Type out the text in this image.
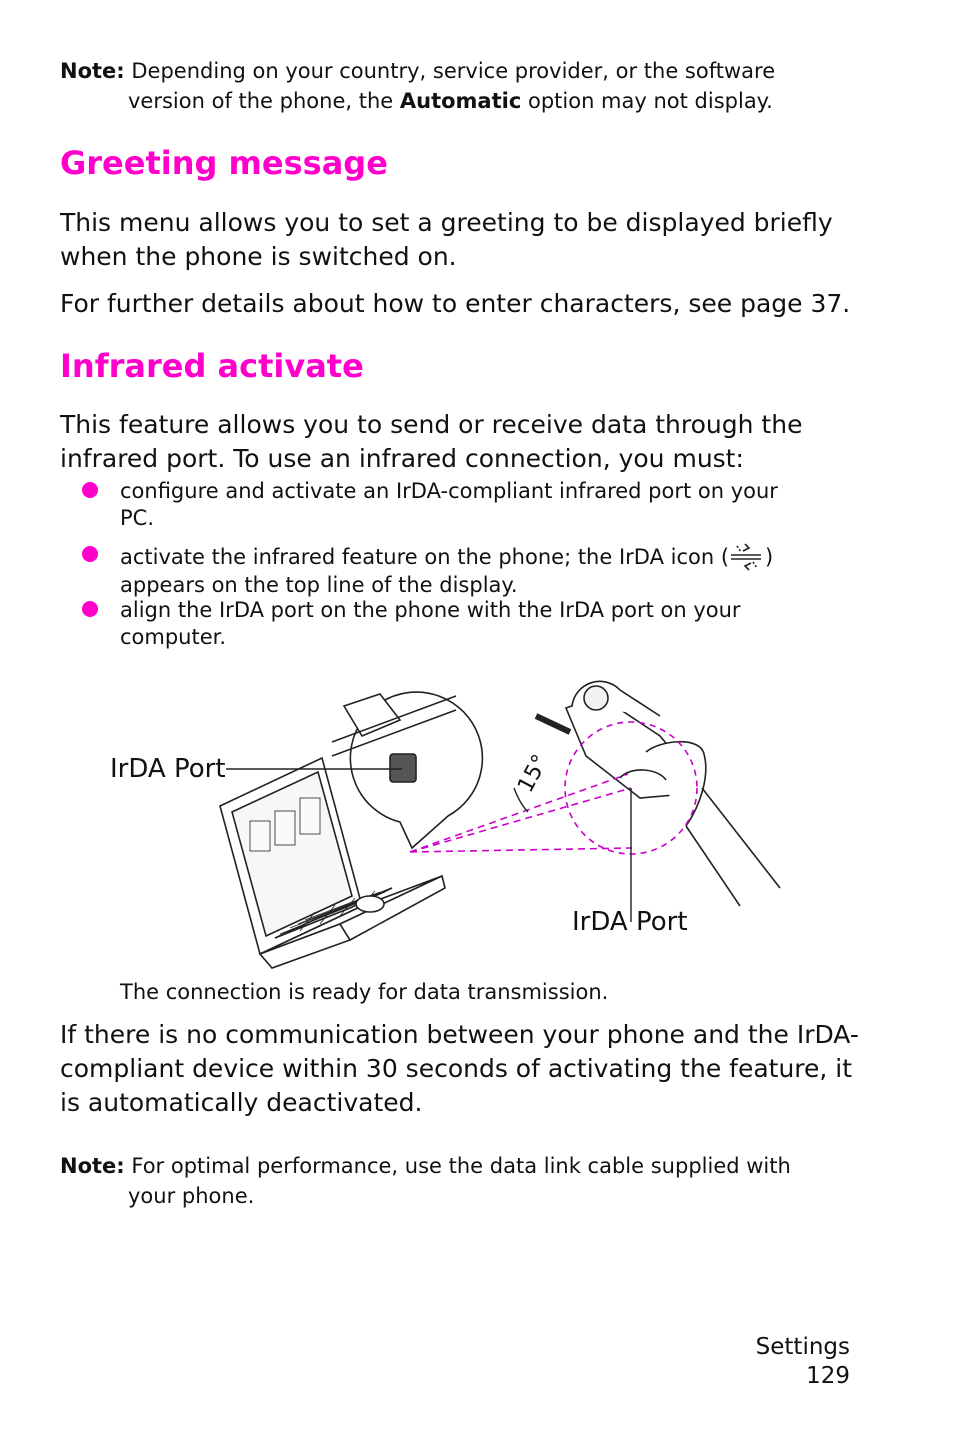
Note: Depending on your country, service provider, or the software
version of the phone, the Automatic option may not display.
Greeting message
This menu allows you to set a greeting to be displayed briefly
when the phone is switched on.
For further details about how to enter characters, see page 37.
Infrared activate
This feature allows you to send or receive data through the
infrared port. To use an infrared connection, you must:
configure and activate an IrDA-compliant infrared port on your
PC.
activate the infrared feature on the phone; the IrDA icon ( )
appears on the top line of the display.
align the IrDA port on the phone with the IrDA port on your
computer.
15°
IrDA Port
IrDA Port
The connection is ready for data transmission.
If there is no communication between your phone and the IrDA-
compliant device within 30 seconds of activating the feature, it
is automatically deactivated.
Note: For optimal performance, use the data link cable supplied with
your phone.
Settings
129
